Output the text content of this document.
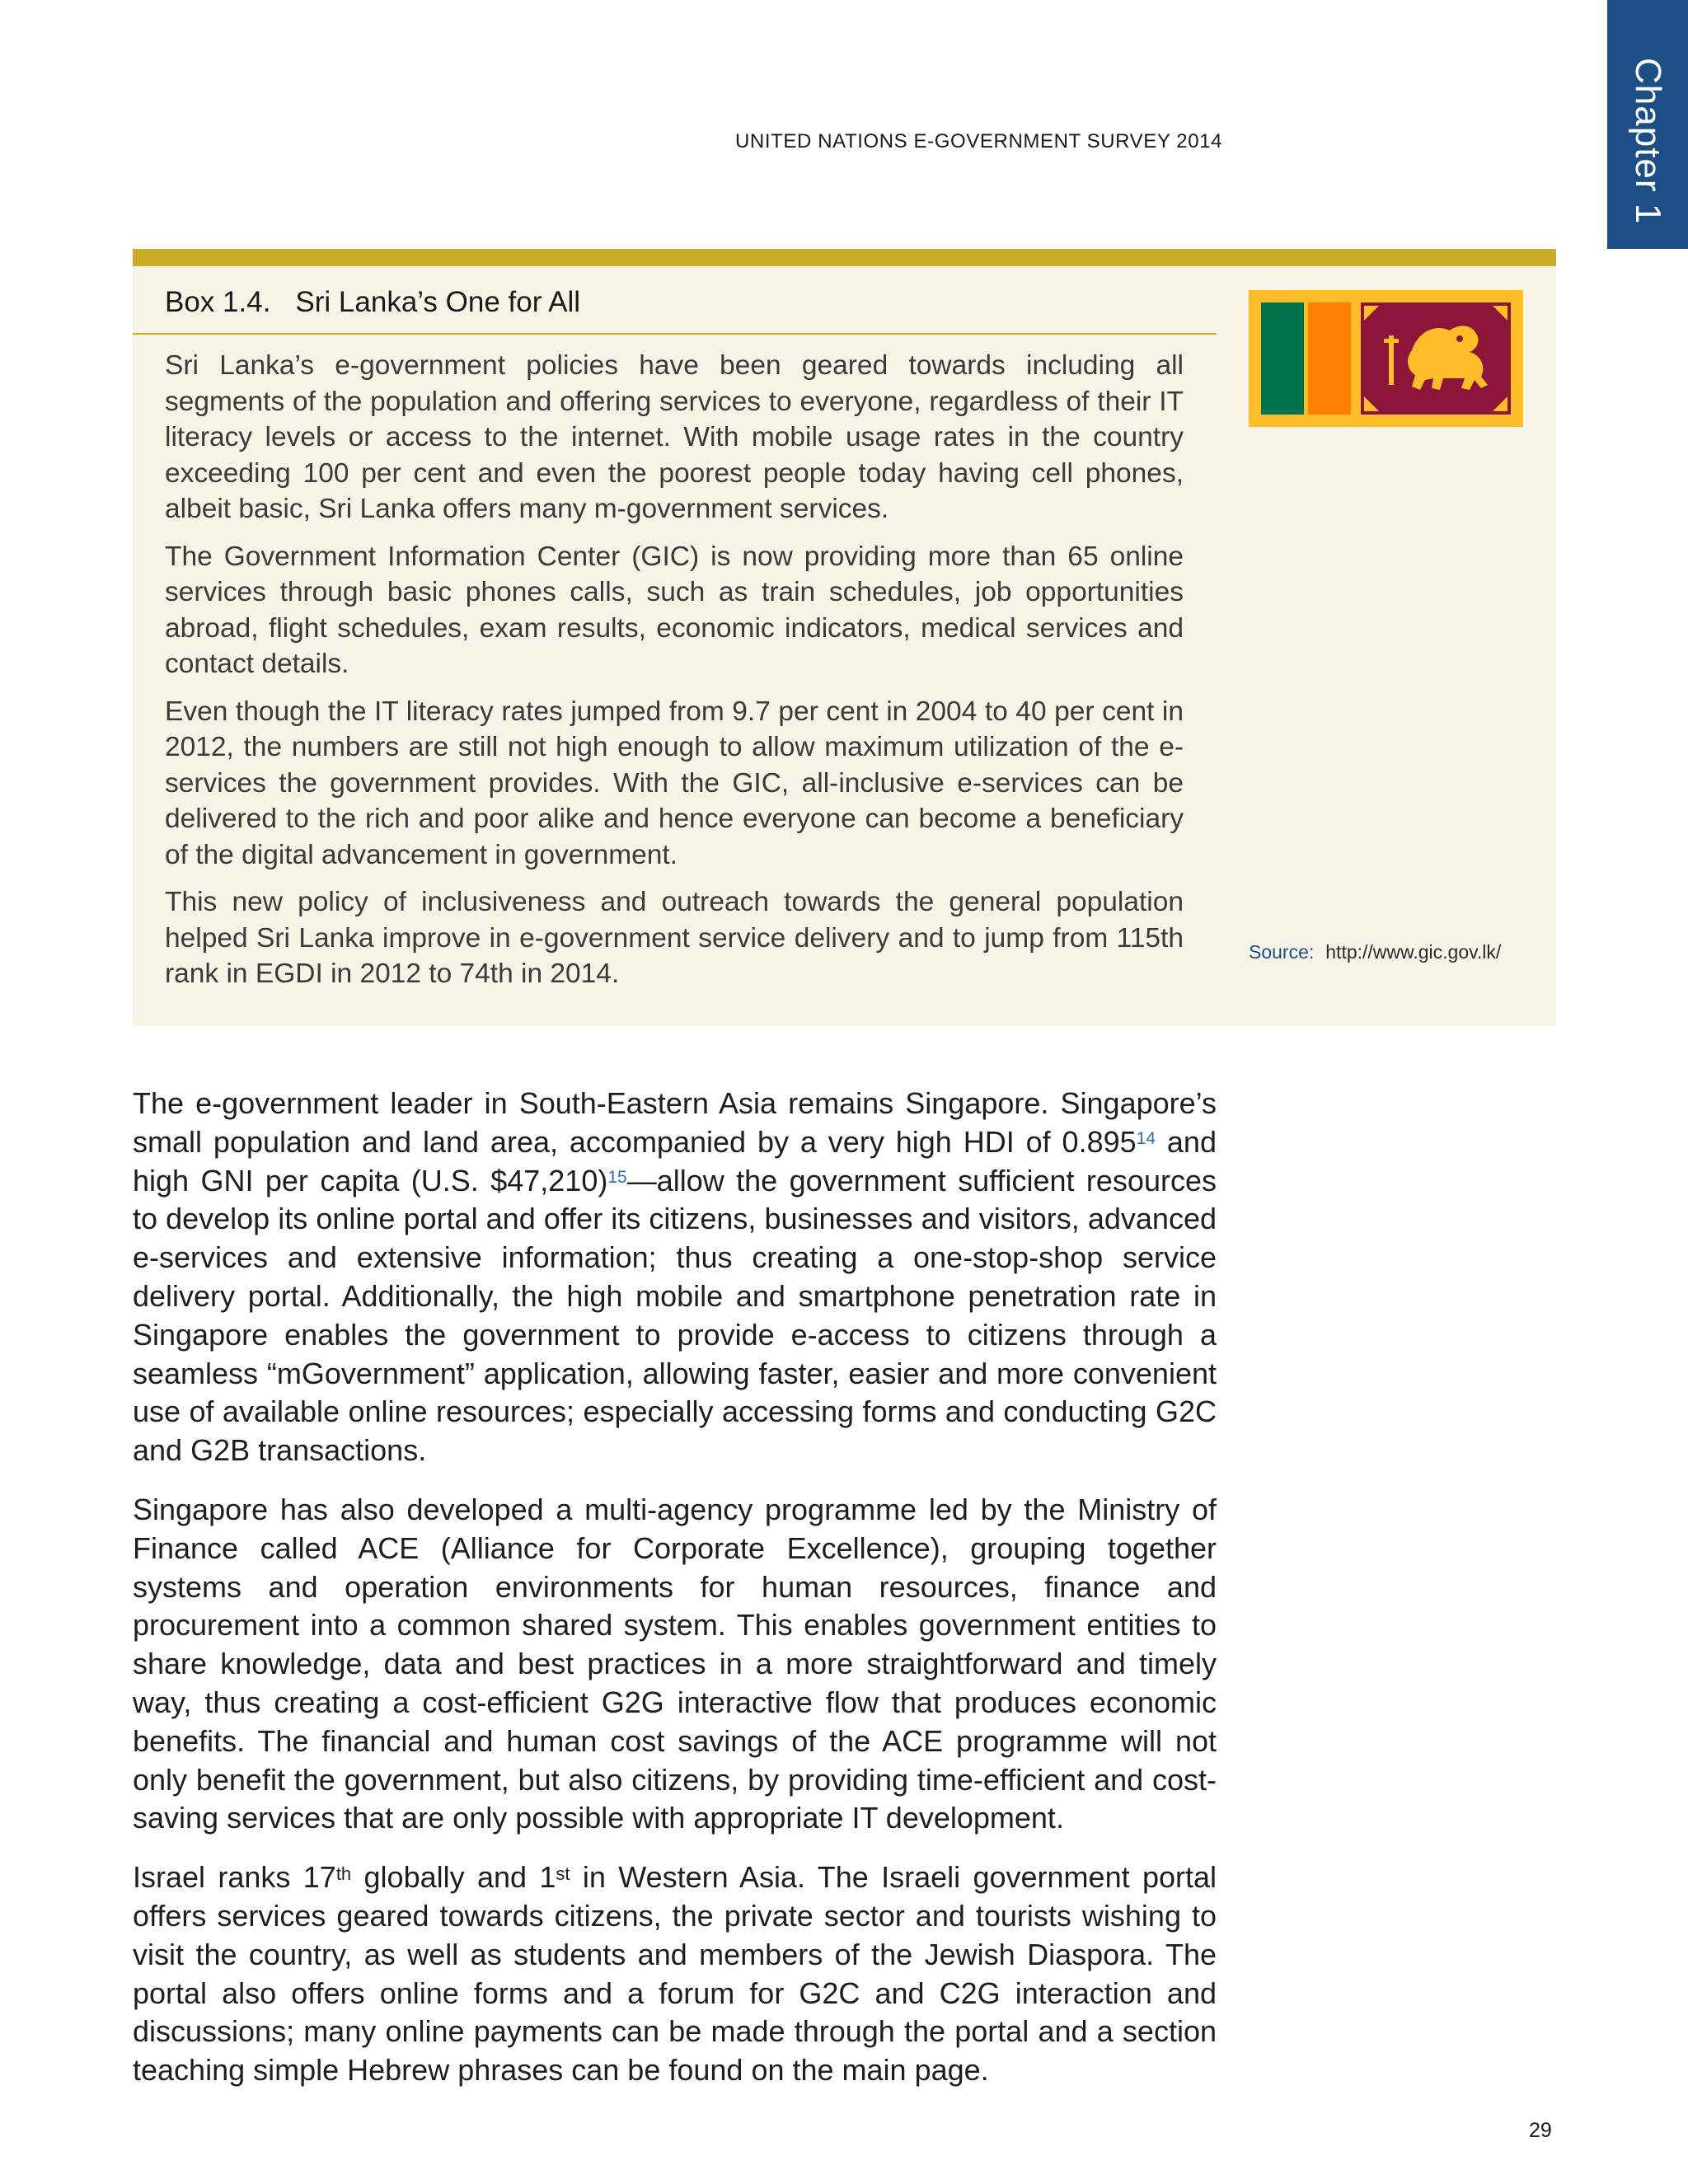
Chapter 1
UNITED NATIONS E-GOVERNMENT SURVEY 2014
Box 1.4. Sri Lanka’s One for All

Sri Lanka’s e-government policies have been geared towards including all segments of the population and offering services to everyone, regardless of their IT literacy levels or access to the internet. With mobile usage rates in the country exceeding 100 per cent and even the poorest people today having cell phones, albeit basic, Sri Lanka offers many m-government services.

The Government Information Center (GIC) is now providing more than 65 online services through basic phones calls, such as train schedules, job opportunities abroad, flight schedules, exam results, economic indicators, medical services and contact details.

Even though the IT literacy rates jumped from 9.7 per cent in 2004 to 40 per cent in 2012, the numbers are still not high enough to allow maximum utilization of the e-services the government provides. With the GIC, all-inclusive e-services can be delivered to the rich and poor alike and hence everyone can become a beneficiary of the digital advancement in government.

This new policy of inclusiveness and outreach towards the general population helped Sri Lanka improve in e-government service delivery and to jump from 115th rank in EGDI in 2012 to 74th in 2014.

Source: http://www.gic.gov.lk/

The e-government leader in South-Eastern Asia remains Singapore. Singapore’s small population and land area, accompanied by a very high HDI of 0.895$^{14}$ and high GNI per capita (U.S. $47,210)$^{15}$—allow the government sufficient resources to develop its online portal and offer its citizens, businesses and visitors, advanced e-services and extensive information; thus creating a one-stop-shop service delivery portal. Additionally, the high mobile and smartphone penetration rate in Singapore enables the government to provide e-access to citizens through a seamless “mGovernment” application, allowing faster, easier and more convenient use of available online resources; especially accessing forms and conducting G2C and G2B transactions.

Singapore has also developed a multi-agency programme led by the Ministry of Finance called ACE (Alliance for Corporate Excellence), grouping together systems and operation environments for human resources, finance and procurement into a common shared system. This enables government entities to share knowledge, data and best practices in a more straightforward and timely way, thus creating a cost-efficient G2G interactive flow that produces economic benefits. The financial and human cost savings of the ACE programme will not only benefit the government, but also citizens, by providing time-efficient and cost-saving services that are only possible with appropriate IT development.

Israel ranks 17th globally and 1st in Western Asia. The Israeli government portal offers services geared towards citizens, the private sector and tourists wishing to visit the country, as well as students and members of the Jewish Diaspora. The portal also offers online forms and a forum for G2C and C2G interaction and discussions; many online payments can be made through the portal and a section teaching simple Hebrew phrases can be found on the main page.

29
